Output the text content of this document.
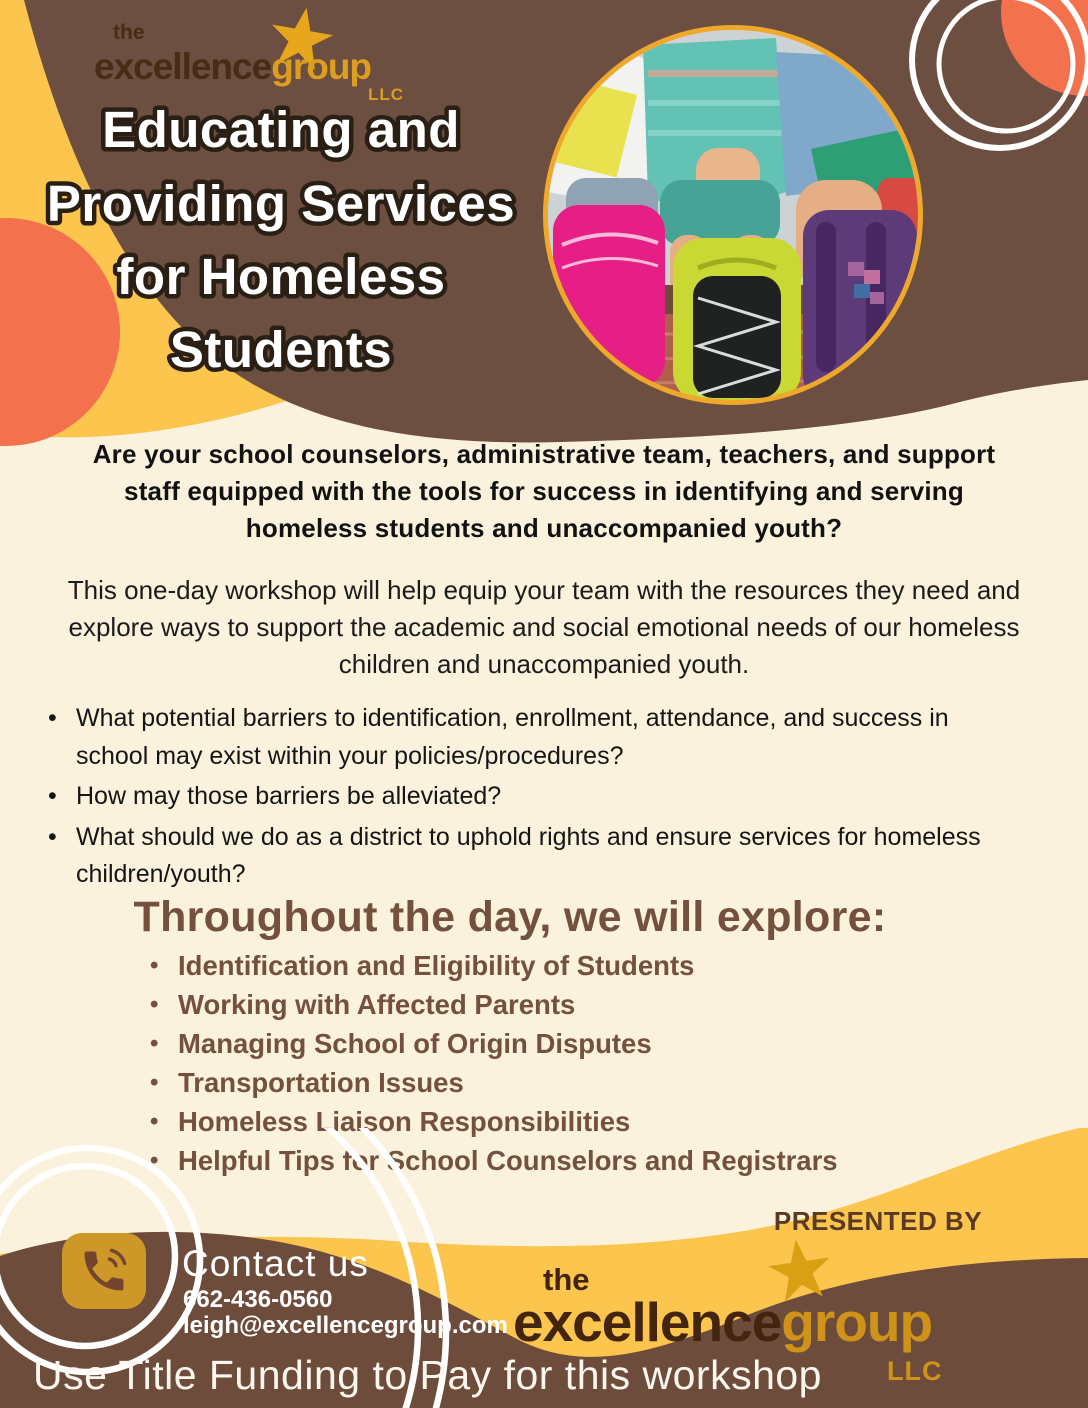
the
excellencegroup
LLC
Educating and
Providing Services
for Homeless
Students
Are your school counselors, administrative team, teachers, and support staff equipped with the tools for success in identifying and serving homeless students and unaccompanied youth?
This one-day workshop will help equip your team with the resources they need and explore ways to support the academic and social emotional needs of our homeless children and unaccompanied youth.
• What potential barriers to identification, enrollment, attendance, and success in school may exist within your policies/procedures?
• How may those barriers be alleviated?
• What should we do as a district to uphold rights and ensure services for homeless children/youth?
Throughout the day, we will explore:
• Identification and Eligibility of Students
• Working with Affected Parents
• Managing School of Origin Disputes
• Transportation Issues
• Homeless Liaison Responsibilities
• Helpful Tips for School Counselors and Registrars
PRESENTED BY
the
excellencegroup
LLC
Contact us
662-436-0560
leigh@excellencegroup.com
Use Title Funding to Pay for this workshop
